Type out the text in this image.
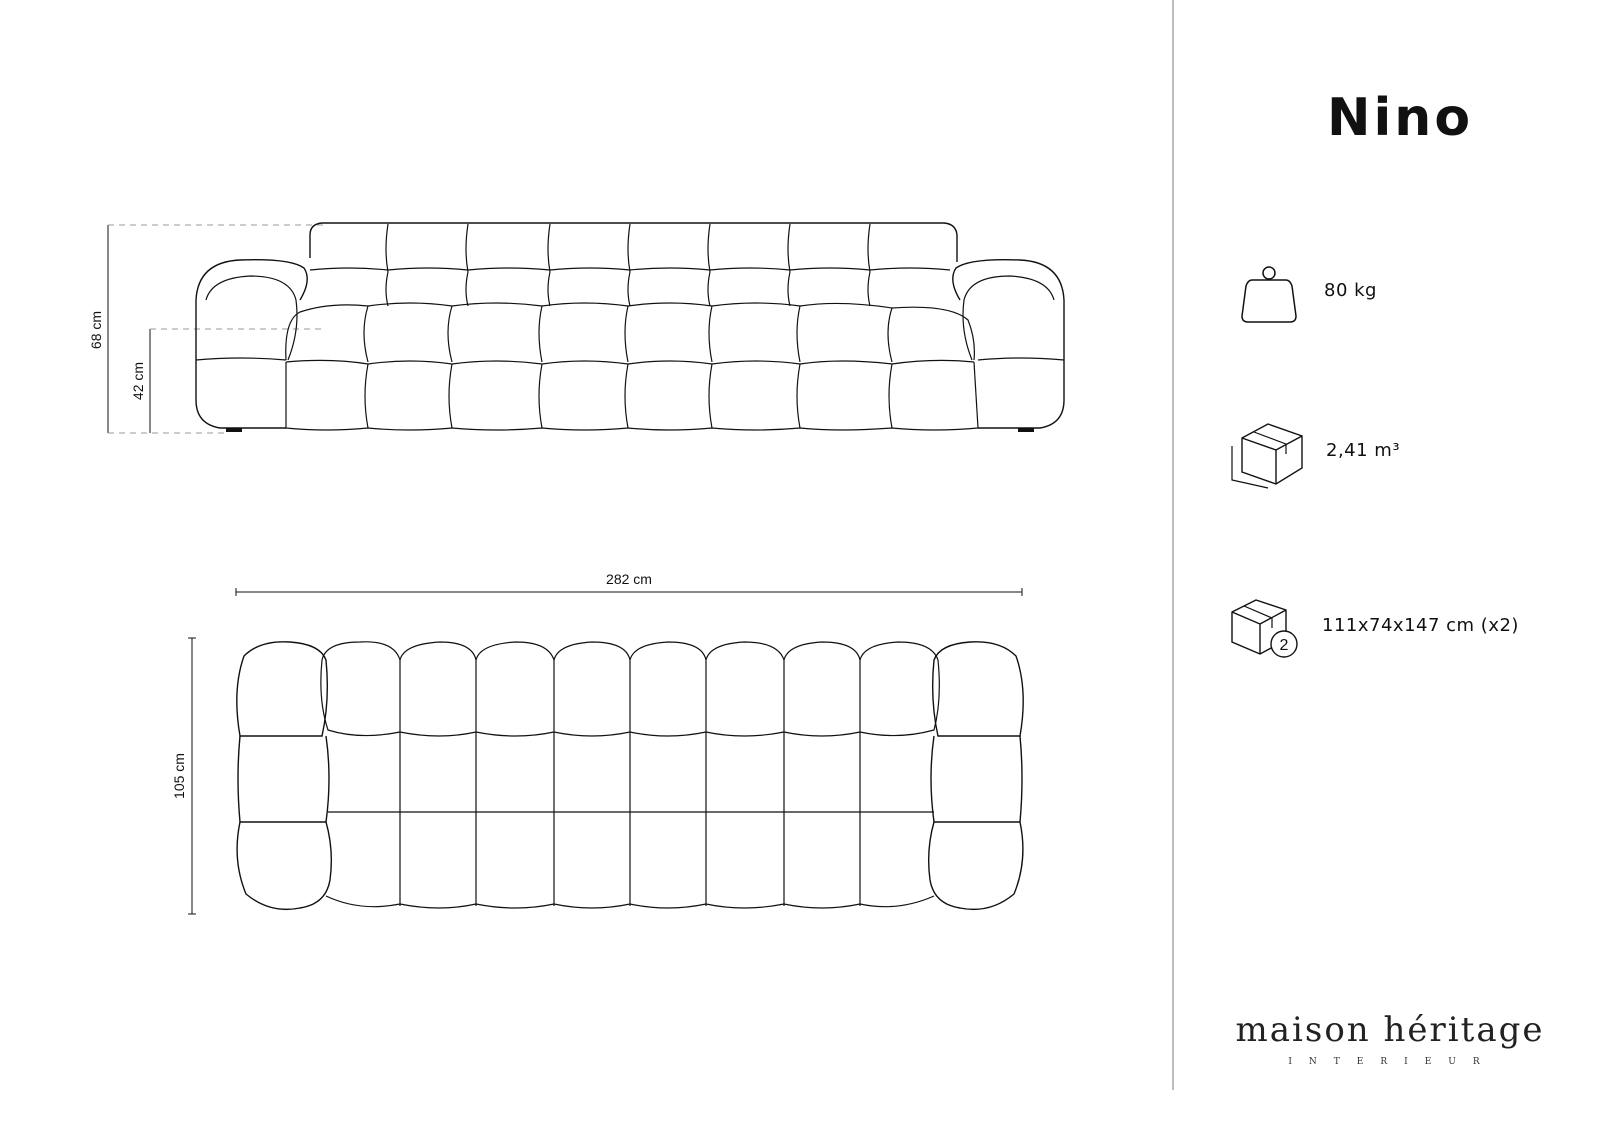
68 cm
42 cm
282 cm
105 cm
Nino
80 kg
2,41 m³
2
111x74x147 cm (x2)
maison héritage
INTERIEUR
